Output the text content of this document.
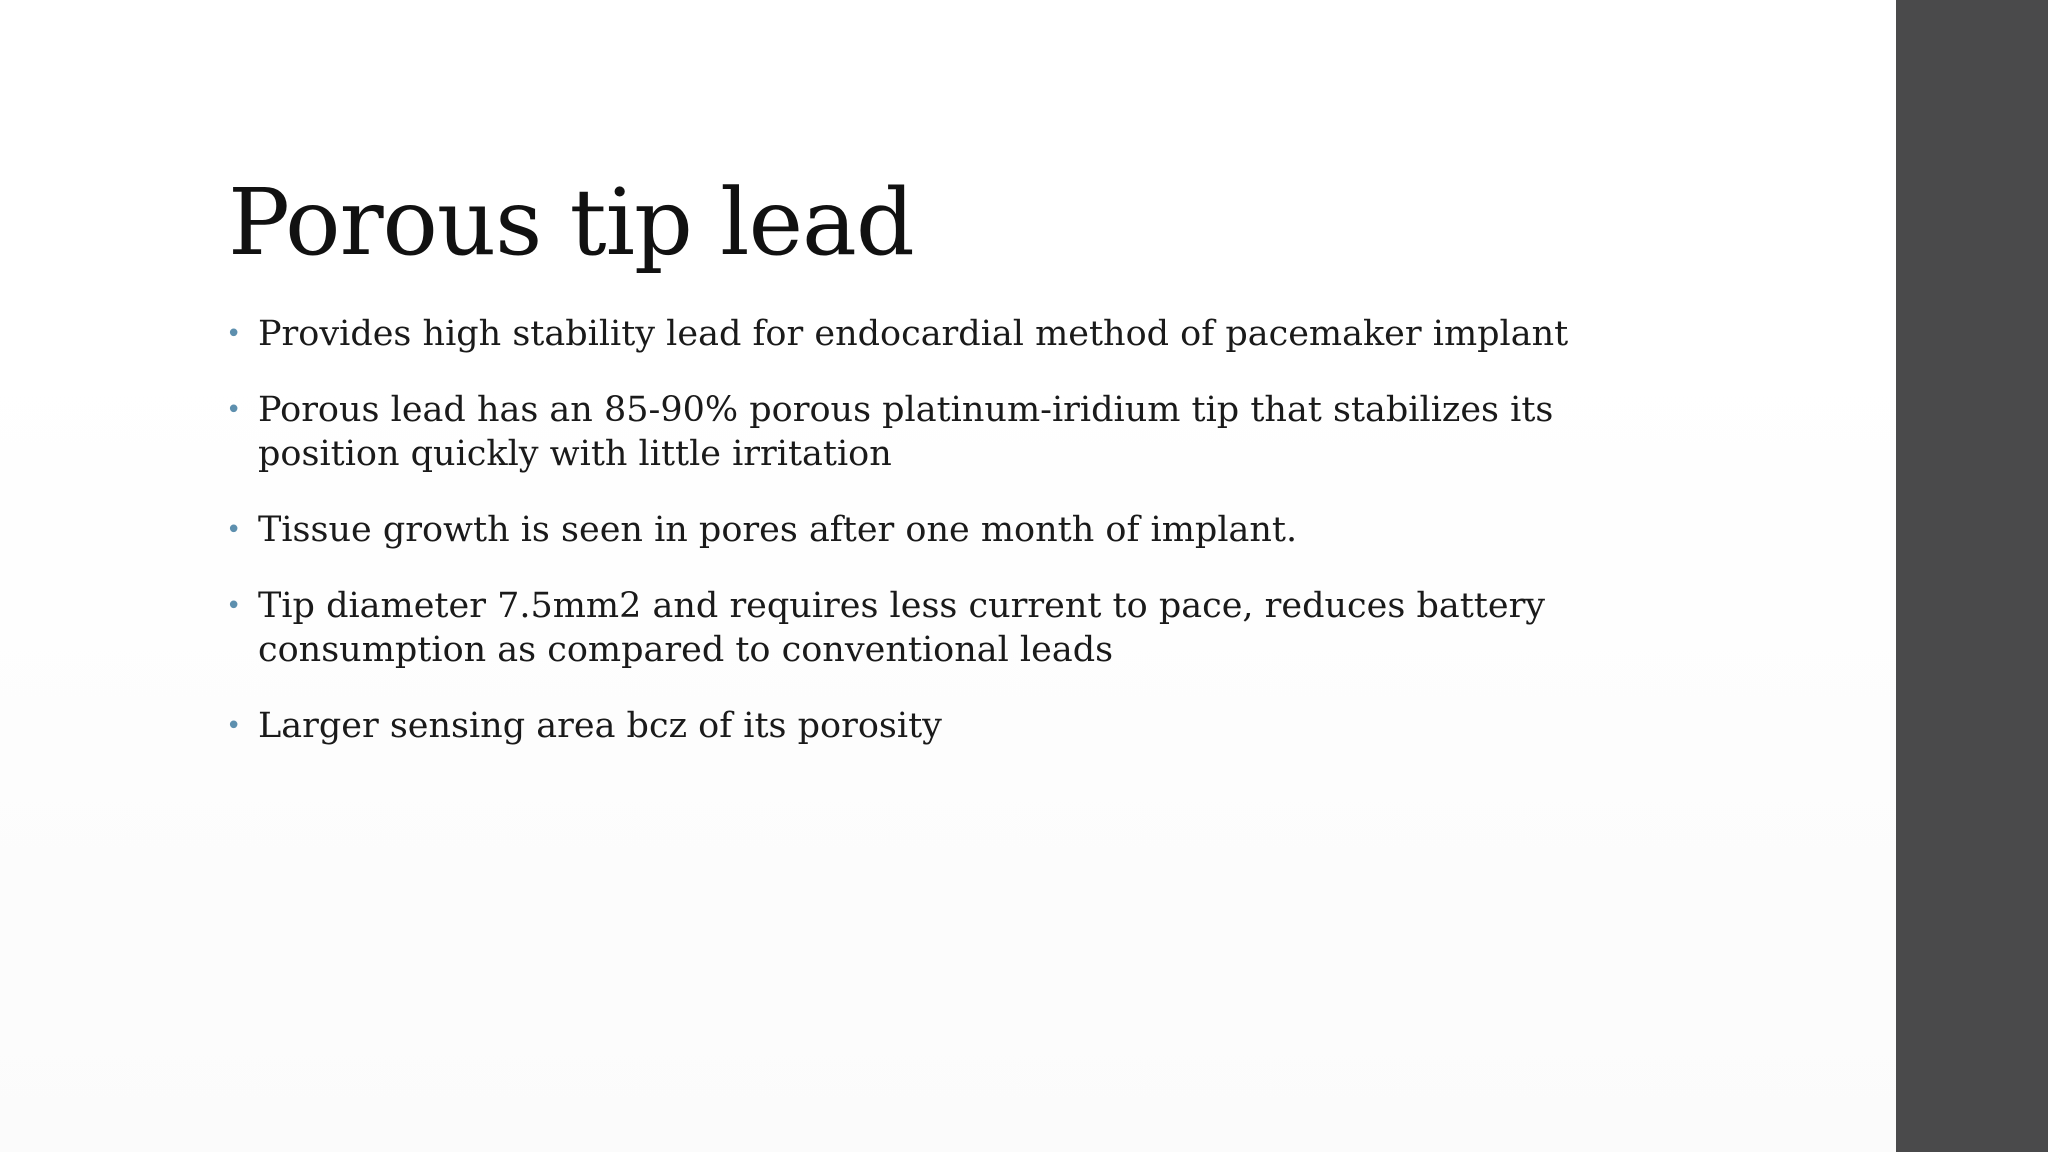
Porous tip lead
• Provides high stability lead for endocardial method of pacemaker implant
• Porous lead has an 85-90% porous platinum-iridium tip that stabilizes its position quickly with little irritation
• Tissue growth is seen in pores after one month of implant.
• Tip diameter 7.5mm2 and requires less current to pace, reduces battery consumption as compared to conventional leads
• Larger sensing area bcz of its porosity
